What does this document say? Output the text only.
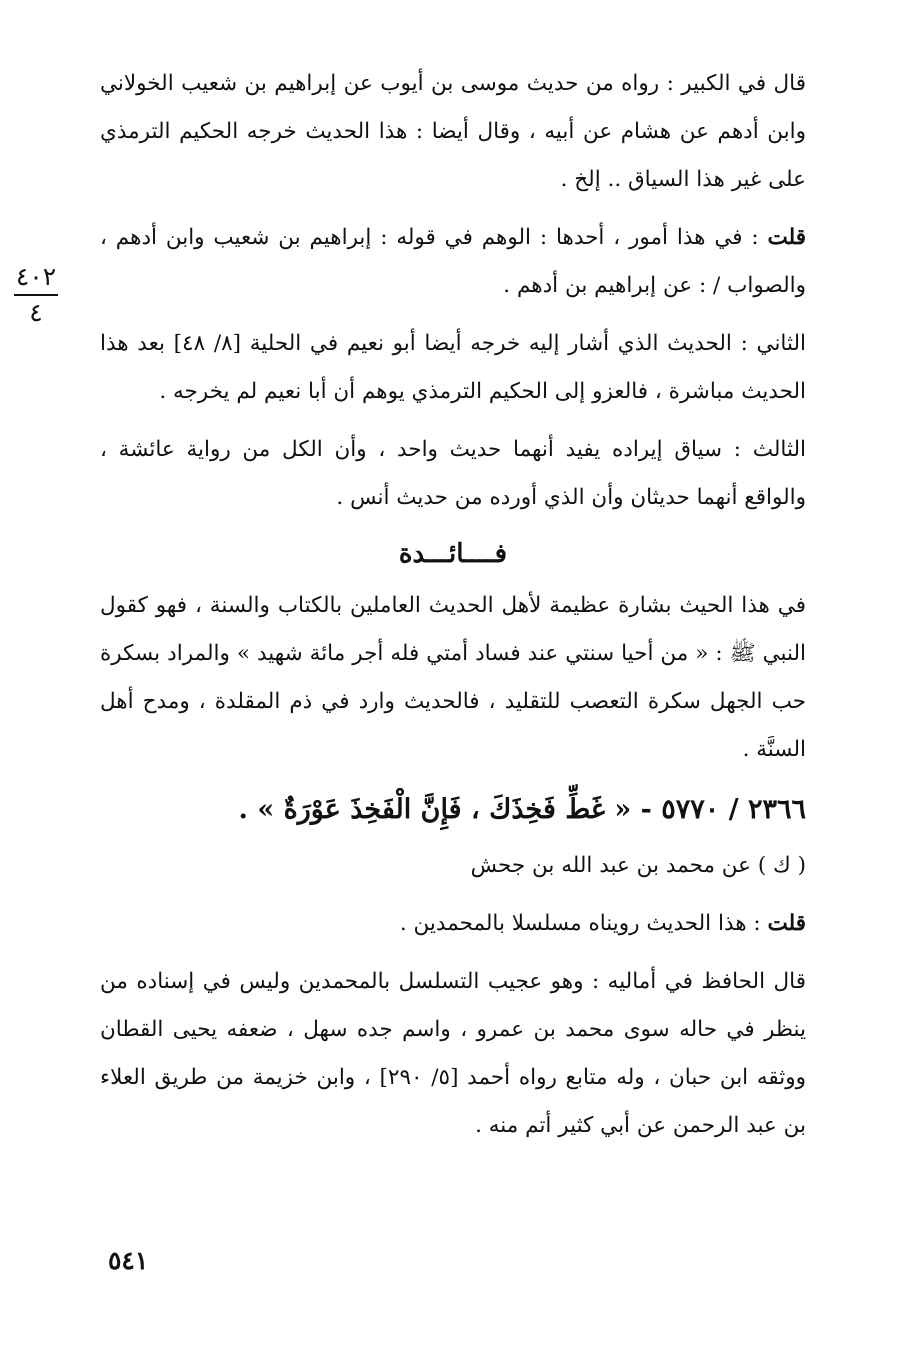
٤٠٢
٤

قال في الكبير : رواه من حديث موسى بن أيوب عن إبراهيم بن شعيب الخولاني وابن أدهم عن هشام عن أبيه ، وقال أيضا : هذا الحديث خرجه الحكيم الترمذي على غير هذا السياق .. إلخ .

قلت : في هذا أمور ، أحدها : الوهم في قوله : إبراهيم بن شعيب وابن أدهم ، والصواب / : عن إبراهيم بن أدهم .

الثاني : الحديث الذي أشار إليه خرجه أيضا أبو نعيم في الحلية [٨/ ٤٨] بعد هذا الحديث مباشرة ، فالعزو إلى الحكيم الترمذي يوهم أن أبا نعيم لم يخرجه .

الثالث : سياق إيراده يفيد أنهما حديث واحد ، وأن الكل من رواية عائشة ، والواقع أنهما حديثان وأن الذي أورده من حديث أنس .

فــــائـــدة

في هذا الحيث بشارة عظيمة لأهل الحديث العاملين بالكتاب والسنة ، فهو كقول النبي ﷺ : « من أحيا سنتي عند فساد أمتي فله أجر مائة شهيد » والمراد بسكرة حب الجهل سكرة التعصب للتقليد ، فالحديث وارد في ذم المقلدة ، ومدح أهل السنَّة .

٢٣٦٦ / ٥٧٧٠ - « غَطِّ فَخِذَكَ ، فَإِنَّ الْفَخِذَ عَوْرَةٌ » .
( ك ) عن محمد بن عبد الله بن جحش

قلت : هذا الحديث رويناه مسلسلا بالمحمدين .

قال الحافظ في أماليه : وهو عجيب التسلسل بالمحمدين وليس في إسناده من ينظر في حاله سوى محمد بن عمرو ، واسم جده سهل ، ضعفه يحيى القطان ووثقه ابن حبان ، وله متابع رواه أحمد [٥/ ٢٩٠] ، وابن خزيمة من طريق العلاء بن عبد الرحمن عن أبي كثير أتم منه .

٥٤١
